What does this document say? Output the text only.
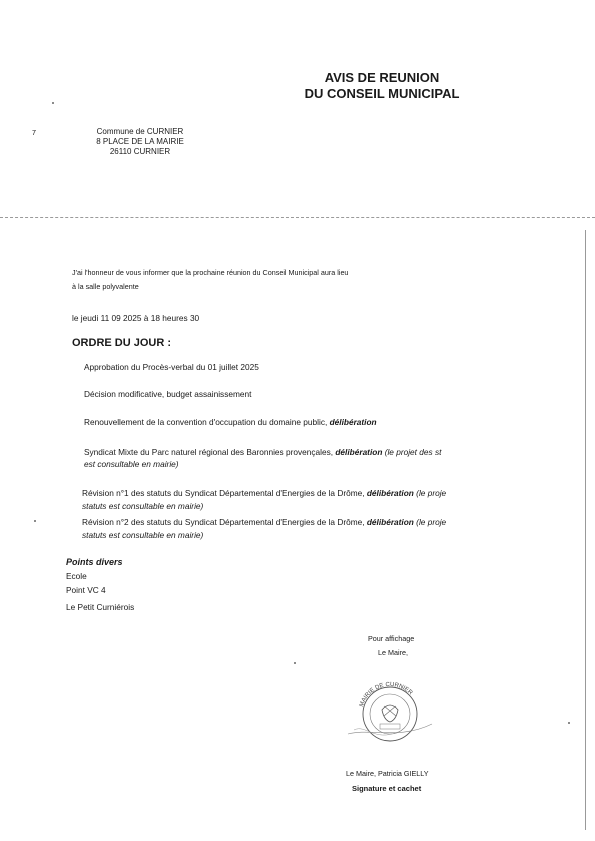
AVIS DE REUNION
DU CONSEIL MUNICIPAL
7	Commune de CURNIER
8 PLACE DE LA MAIRIE
26110 CURNIER
J'ai l'honneur de vous informer que la prochaine réunion du Conseil Municipal aura lieu
à la salle polyvalente
le jeudi 11 09 2025 à 18 heures 30
ORDRE DU JOUR :
Approbation du Procès-verbal du 01 juillet 2025
Décision modificative, budget assainissement
Renouvellement de la convention d'occupation du domaine public, délibération
Syndicat Mixte du Parc naturel régional des Baronnies provençales, délibération (le projet des st
est consultable en mairie)
Révision n°1 des statuts du Syndicat Départemental d'Energies de la Drôme, délibération (le proje
statuts est consultable en mairie)
Révision n°2 des statuts du Syndicat Départemental d'Energies de la Drôme, délibération (le proje
statuts est consultable en mairie)
Points divers
Ecole
Point VC 4
Le Petit Curniérois
Pour affichage
Le Maire,
MAIRIE DE CURNIER
Le Maire, Patricia GIELLY
Signature et cachet
